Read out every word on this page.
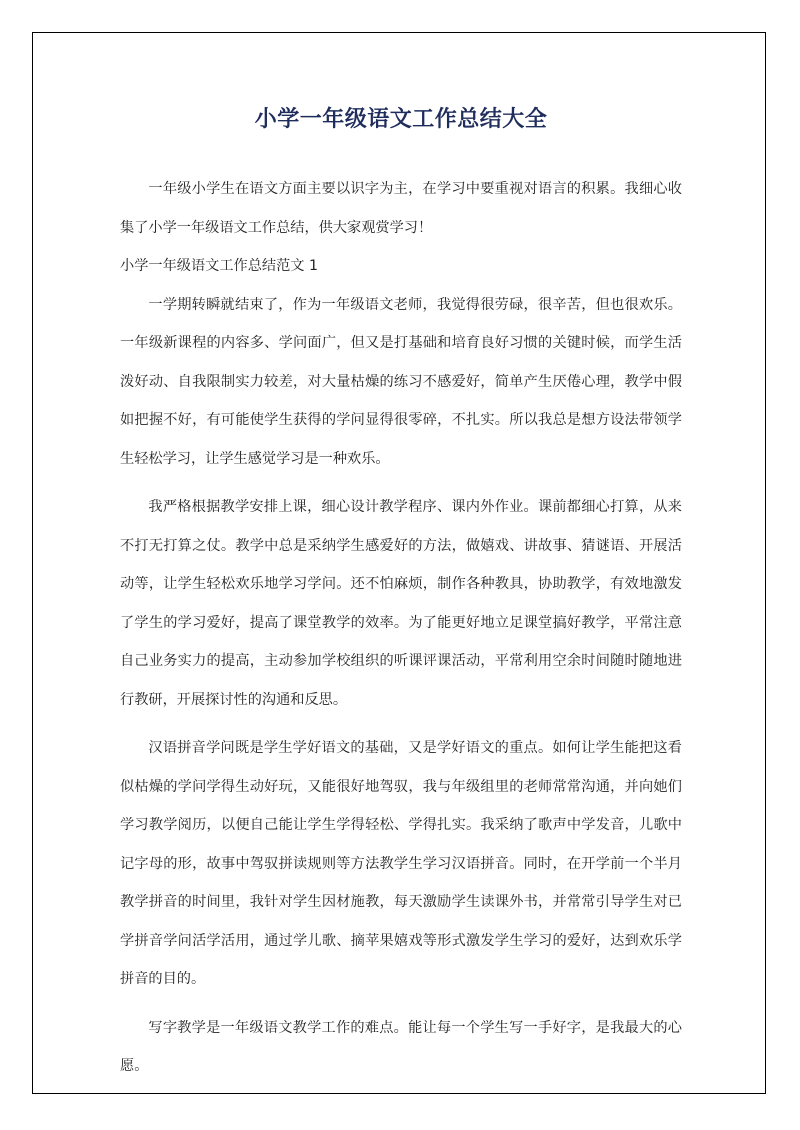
小学一年级语文工作总结大全

一年级小学生在语文方面主要以识字为主，在学习中要重视对语言的积累。我细心收集了小学一年级语文工作总结，供大家观赏学习！

小学一年级语文工作总结范文 1

一学期转瞬就结束了，作为一年级语文老师，我觉得很劳碌，很辛苦，但也很欢乐。一年级新课程的内容多、学问面广，但又是打基础和培育良好习惯的关键时候，而学生活泼好动、自我限制实力较差，对大量枯燥的练习不感爱好，简单产生厌倦心理，教学中假如把握不好，有可能使学生获得的学问显得很零碎，不扎实。所以我总是想方设法带领学生轻松学习，让学生感觉学习是一种欢乐。

我严格根据教学安排上课，细心设计教学程序、课内外作业。课前都细心打算，从来不打无打算之仗。教学中总是采纳学生感爱好的方法，做嬉戏、讲故事、猜谜语、开展活动等，让学生轻松欢乐地学习学问。还不怕麻烦，制作各种教具，协助教学，有效地激发了学生的学习爱好，提高了课堂教学的效率。为了能更好地立足课堂搞好教学，平常注意自己业务实力的提高，主动参加学校组织的听课评课活动，平常利用空余时间随时随地进行教研，开展探讨性的沟通和反思。

汉语拼音学问既是学生学好语文的基础，又是学好语文的重点。如何让学生能把这看似枯燥的学问学得生动好玩，又能很好地驾驭，我与年级组里的老师常常沟通，并向她们学习教学阅历，以便自己能让学生学得轻松、学得扎实。我采纳了歌声中学发音，儿歌中记字母的形，故事中驾驭拼读规则等方法教学生学习汉语拼音。同时，在开学前一个半月教学拼音的时间里，我针对学生因材施教，每天激励学生读课外书，并常常引导学生对已学拼音学问活学活用，通过学儿歌、摘苹果嬉戏等形式激发学生学习的爱好，达到欢乐学拼音的目的。

写字教学是一年级语文教学工作的难点。能让每一个学生写一手好字，是我最大的心愿。
